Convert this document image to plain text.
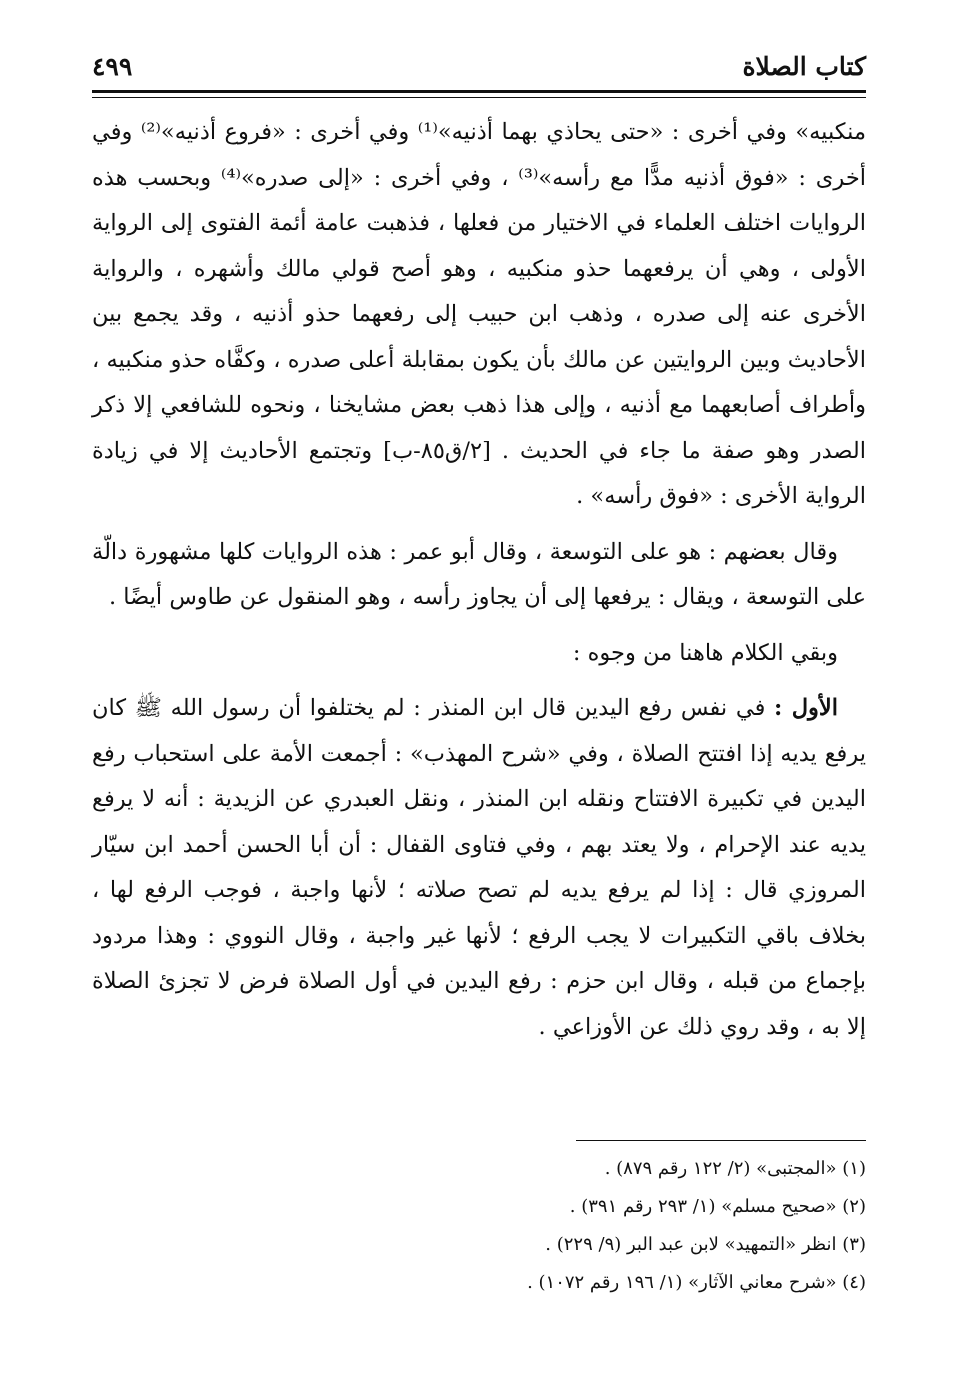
كتاب الصلاة
٤٩٩

منكبيه» وفي أخرى : «حتى يحاذي بهما أذنيه»⁽¹⁾ وفي أخرى : «فروع أذنيه»⁽²⁾ وفي أخرى : «فوق أذنيه مدًّا مع رأسه»⁽³⁾ ، وفي أخرى : «إلى صدره»⁽⁴⁾ وبحسب هذه الروايات اختلف العلماء في الاختيار من فعلها ، فذهبت عامة أئمة الفتوى إلى الرواية الأولى ، وهي أن يرفعهما حذو منكبيه ، وهو أصح قولي مالك وأشهره ، والرواية الأخرى عنه إلى صدره ، وذهب ابن حبيب إلى رفعهما حذو أذنيه ، وقد يجمع بين الأحاديث وبين الروايتين عن مالك بأن يكون بمقابلة أعلى صدره ، وكفَّاه حذو منكبيه ، وأطراف أصابعهما مع أذنيه ، وإلى هذا ذهب بعض مشايخنا ، ونحوه للشافعي إلا ذكر الصدر وهو صفة ما جاء في الحديث . [٢/ق٨٥-ب] وتجتمع الأحاديث إلا في زيادة الرواية الأخرى : «فوق رأسه» .

وقال بعضهم : هو على التوسعة ، وقال أبو عمر : هذه الروايات كلها مشهورة دالّة على التوسعة ، ويقال : يرفعها إلى أن يجاوز رأسه ، وهو المنقول عن طاوس أيضًا .

وبقي الكلام هاهنا من وجوه :

الأول : في نفس رفع اليدين قال ابن المنذر : لم يختلفوا أن رسول الله ﷺ كان يرفع يديه إذا افتتح الصلاة ، وفي «شرح المهذب» : أجمعت الأمة على استحباب رفع اليدين في تكبيرة الافتتاح ونقله ابن المنذر ، ونقل العبدري عن الزيدية : أنه لا يرفع يديه عند الإحرام ، ولا يعتد بهم ، وفي فتاوى القفال : أن أبا الحسن أحمد ابن سيّار المروزي قال : إذا لم يرفع يديه لم تصح صلاته ؛ لأنها واجبة ، فوجب الرفع لها ، بخلاف باقي التكبيرات لا يجب الرفع ؛ لأنها غير واجبة ، وقال النووي : وهذا مردود بإجماع من قبله ، وقال ابن حزم : رفع اليدين في أول الصلاة فرض لا تجزئ الصلاة إلا به ، وقد روي ذلك عن الأوزاعي .

(١) «المجتبى» (٢/ ١٢٢ رقم ٨٧٩) .

(٢) «صحيح مسلم» (١/ ٢٩٣ رقم ٣٩١) .

(٣) انظر «التمهيد» لابن عبد البر (٩/ ٢٢٩) .

(٤) «شرح معاني الآثار» (١/ ١٩٦ رقم ١٠٧٢) .
